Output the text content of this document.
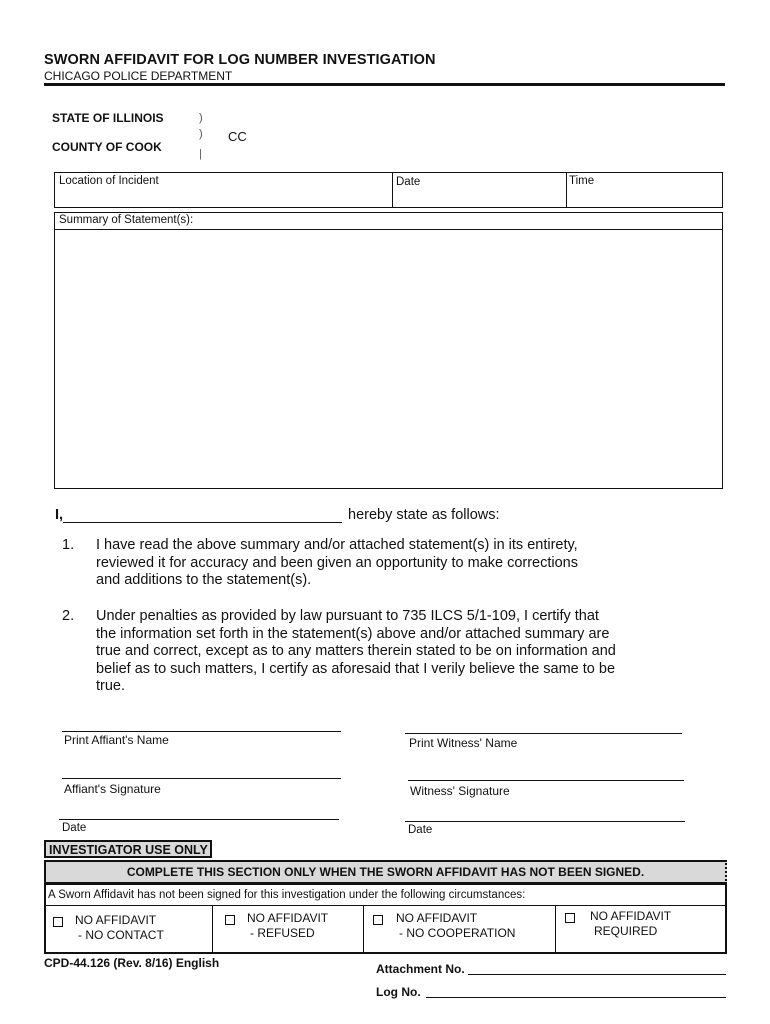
SWORN AFFIDAVIT FOR LOG NUMBER INVESTIGATION
CHICAGO POLICE DEPARTMENT
STATE OF ILLINOIS
COUNTY OF COOK
)
)
|
CC
Location of Incident	Date	Time
Summary of Statement(s):
I,	hereby state as follows:
1. I have read the above summary and/or attached statement(s) in its entirety, reviewed it for accuracy and been given an opportunity to make corrections and additions to the statement(s).
2. Under penalties as provided by law pursuant to 735 ILCS 5/1-109, I certify that the information set forth in the statement(s) above and/or attached summary are true and correct, except as to any matters therein stated to be on information and belief as to such matters, I certify as aforesaid that I verily believe the same to be true.
Print Affiant's Name	Print Witness' Name
Affiant's Signature	Witness' Signature
Date	Date
INVESTIGATOR USE ONLY
COMPLETE THIS SECTION ONLY WHEN THE SWORN AFFIDAVIT HAS NOT BEEN SIGNED.
A Sworn Affidavit has not been signed for this investigation under the following circumstances:
NO AFFIDAVIT
- NO CONTACT
NO AFFIDAVIT
- REFUSED
NO AFFIDAVIT
- NO COOPERATION
NO AFFIDAVIT
REQUIRED
CPD-44.126 (Rev. 8/16) English	Attachment No.
Log No.
